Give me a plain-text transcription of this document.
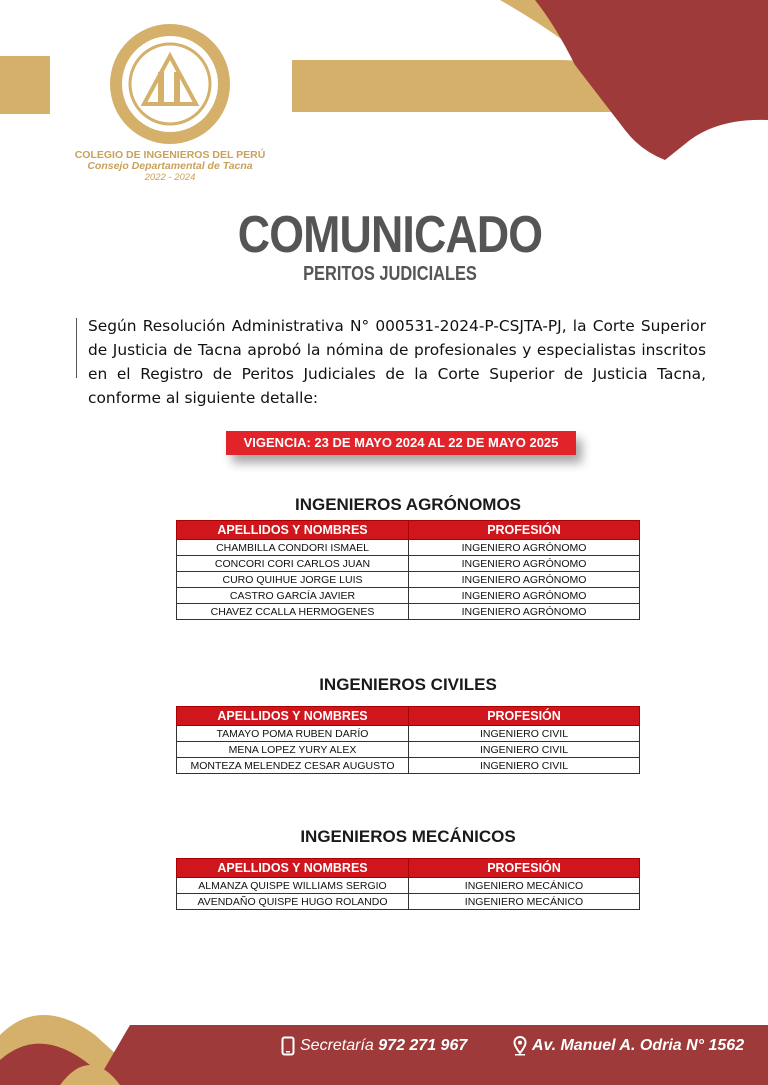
COLEGIO DE INGENIEROS DEL PERÚ
Consejo Departamental de Tacna
2022 - 2024
COMUNICADO
PERITOS JUDICIALES
Según Resolución Administrativa N° 000531-2024-P-CSJTA-PJ, la Corte Superior de Justicia de Tacna aprobó la nómina de profesionales y especialistas inscritos en el Registro de Peritos Judiciales de la Corte Superior de Justicia Tacna, conforme al siguiente detalle:
VIGENCIA: 23 DE MAYO 2024 AL 22 DE MAYO 2025
INGENIEROS AGRÓNOMOS
APELLIDOS Y NOMBRES	PROFESIÓN
CHAMBILLA CONDORI ISMAEL	INGENIERO AGRÓNOMO
CONCORI CORI CARLOS JUAN	INGENIERO AGRÓNOMO
CURO QUIHUE JORGE LUIS	INGENIERO AGRÓNOMO
CASTRO GARCÍA JAVIER	INGENIERO AGRÓNOMO
CHAVEZ CCALLA HERMOGENES	INGENIERO AGRÓNOMO
INGENIEROS CIVILES
APELLIDOS Y NOMBRES	PROFESIÓN
TAMAYO POMA RUBEN DARÍO	INGENIERO CIVIL
MENA LOPEZ YURY ALEX	INGENIERO CIVIL
MONTEZA MELENDEZ CESAR AUGUSTO	INGENIERO CIVIL
INGENIEROS MECÁNICOS
APELLIDOS Y NOMBRES	PROFESIÓN
ALMANZA QUISPE WILLIAMS SERGIO	INGENIERO MECÁNICO
AVENDAÑO QUISPE HUGO ROLANDO	INGENIERO MECÁNICO
Secretaría 972 271 967	Av. Manuel A. Odria N° 1562
